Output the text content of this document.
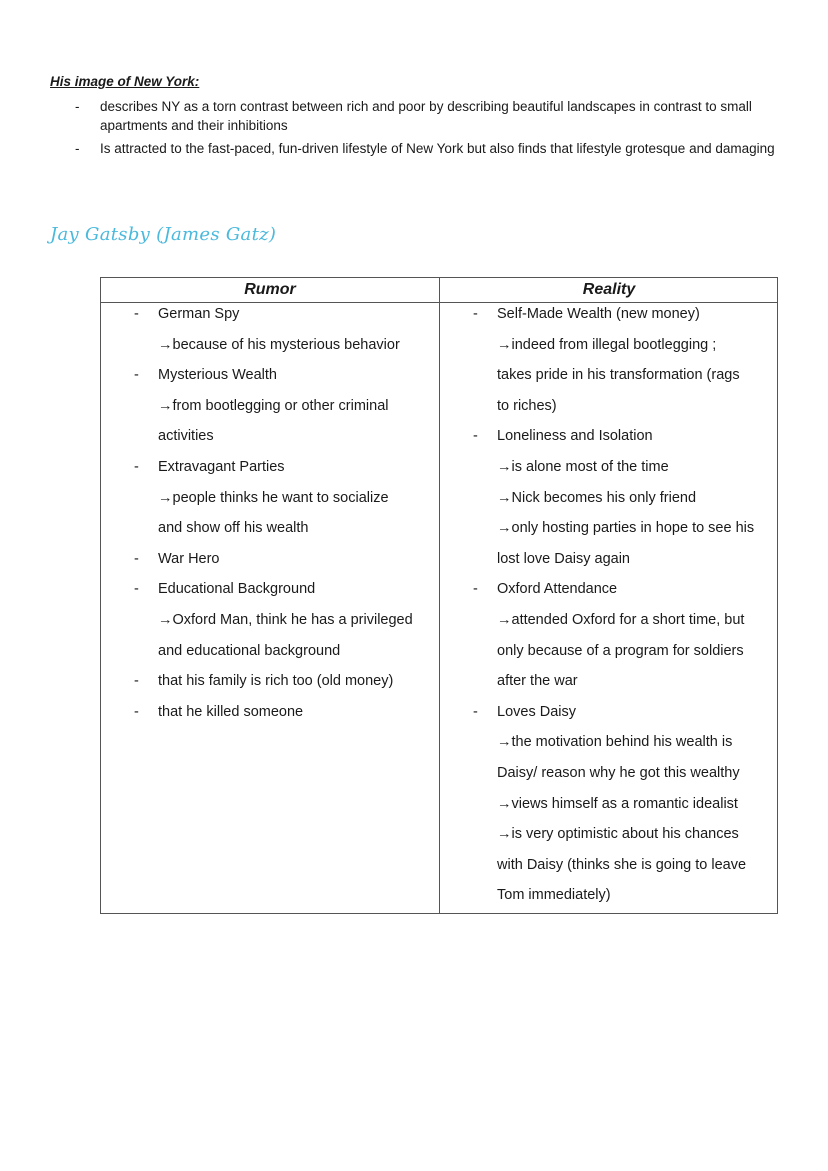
His image of New York:
- describes NY as a torn contrast between rich and poor by describing beautiful landscapes in contrast to small apartments and their inhibitions
- Is attracted to the fast-paced, fun-driven lifestyle of New York but also finds that lifestyle grotesque and damaging
Jay Gatsby (James Gatz)
Rumor	Reality
- German Spy
→because of his mysterious behavior
- Mysterious Wealth
→from bootlegging or other criminal
activities
- Extravagant Parties
→people thinks he want to socialize
and show off his wealth
- War Hero
- Educational Background
→Oxford Man, think he has a privileged
and educational background
- that his family is rich too (old money)
- that he killed someone
- Self-Made Wealth (new money)
→indeed from illegal bootlegging ;
takes pride in his transformation (rags
to riches)
- Loneliness and Isolation
→is alone most of the time
→Nick becomes his only friend
→only hosting parties in hope to see his
lost love Daisy again
- Oxford Attendance
→attended Oxford for a short time, but
only because of a program for soldiers
after the war
- Loves Daisy
→the motivation behind his wealth is
Daisy/ reason why he got this wealthy
→views himself as a romantic idealist
→is very optimistic about his chances
with Daisy (thinks she is going to leave
Tom immediately)
